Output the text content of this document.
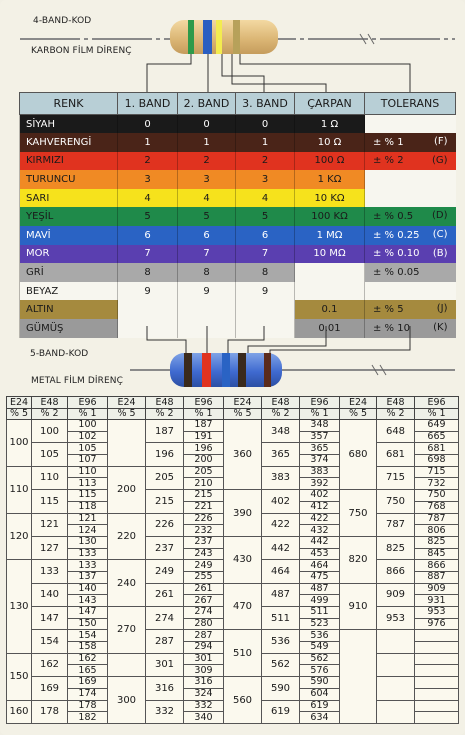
4-BAND-KOD
KARBON FİLM DİRENÇ
RENK	1. BAND	2. BAND	3. BAND	ÇARPAN	TOLERANS
SİYAH	0	0	0	1 Ω	

KAHVERENGİ	1	1	1	10 Ω	± % 1 (F)

KIRMIZI	2	2	2	100 Ω	± % 2 (G)

TURUNCU	3	3	3	1 KΩ	

SARI	4	4	4	10 KΩ	

YEŞİL	5	5	5	100 KΩ	± % 0.5 (D)

MAVİ	6	6	6	1 MΩ	± % 0.25 (C)

MOR	7	7	7	10 MΩ	± % 0.10 (B)

GRİ	8	8	8		± % 0.05

BEYAZ	9	9	9		

ALTIN				0.1	± % 5 (J)

GÜMÜŞ				0.01	± % 10 (K)
5-BAND-KOD
METAL FİLM DİRENÇ
E24	E48	E96	E24	E48	E96	E24	E48	E96	E24	E48	E96
% 5	% 2	% 1	% 5	% 2	% 1	% 5	% 2	% 1	% 5	% 2	% 1
100	100	100		187	187	360	348	348	680	648	649
		102			191			357			665
	105	105		196	196		365	365		681	681
		107			200			374			698
110	110	110	200	205	205		383	383		715	715
		113			210			392			732
	115	115		215	215	390	402	402	750	750	750
		118			221			412			768
120	121	121	220	226	226		422	422		787	787
		124			232			432			806
	127	130		237	237	430	442	442	820	825	825
		133			243			453			845
130	133	133	240	249	249		464	464		866	866
		137			255			475			887
	140	140		261	261	470	487	487	910	909	909
		143			267			499			931
	147	147	270	274	274		511	511		953	953
		150			280			523			976
	154	154		287	287	510	536	536			
		158			294			549			
150	162	162		301	301		562	562			
		165			309			576			
	169	169	300	316	316	560	590	590			
		174			324			604			
160	178	178		332	332		619	619			
		182			340			634			
